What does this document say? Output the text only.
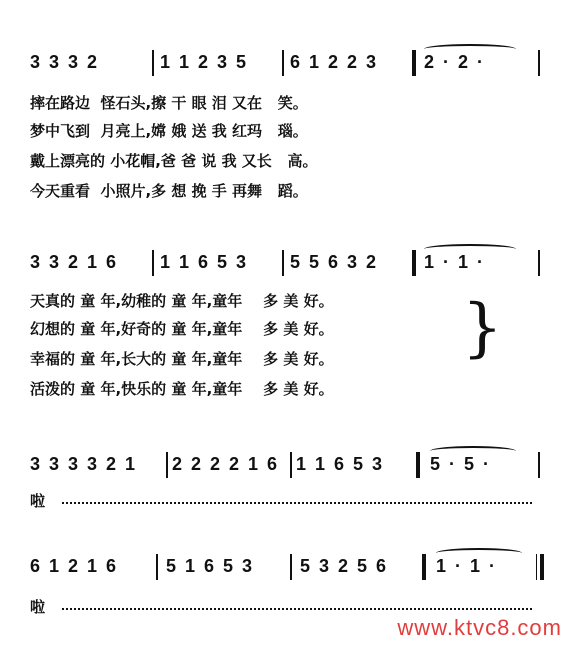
3 3 3 2	1 1 2 3 5 6 1 2 2 3	2 · 2 ·
摔在路边  怪石头,擦 干 眼 泪 又在   笑。
梦中飞到  月亮上,嫦 娥 送 我 红玛   瑙。
戴上漂亮的 小花帽,爸 爸 说 我 又长   高。
今天重看  小照片,多 想 挽 手 再舞   蹈。
3 3 2 1 6 1 1 6 5 3 5 5 6 3 2	1 · 1 ·
天真的 童 年,幼稚的 童 年,童年    多 美 好。
幻想的 童 年,好奇的 童 年,童年    多 美 好。
幸福的 童 年,长大的 童 年,童年    多 美 好。
活泼的 童 年,快乐的 童 年,童年    多 美 好。
}
3 3 3 3 2 1 2 2 2 2 1 6 1 1 6 5 3	5 · 5 ·
啦
6 1 2 1 6	5 1 6 5 3	5 3 2 5 6	1 · 1 ·
啦
www.ktvc8.com
